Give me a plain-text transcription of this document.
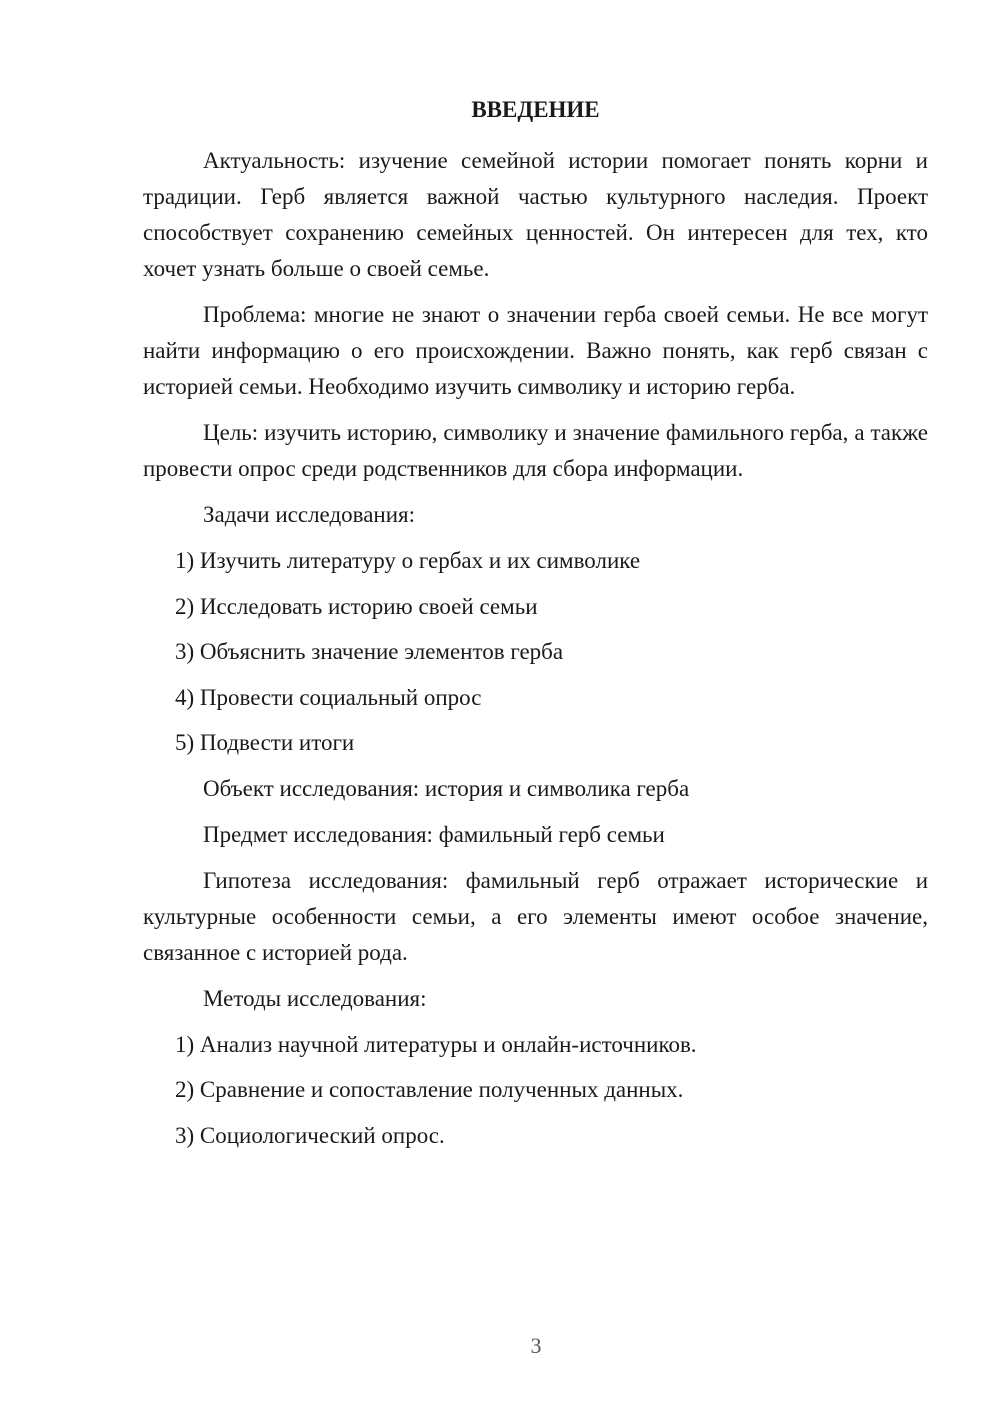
ВВЕДЕНИЕ

Актуальность: изучение семейной истории помогает понять корни и традиции. Герб является важной частью культурного наследия. Проект способствует сохранению семейных ценностей. Он интересен для тех, кто хочет узнать больше о своей семье.

Проблема: многие не знают о значении герба своей семьи. Не все могут найти информацию о его происхождении. Важно понять, как герб связан с историей семьи. Необходимо изучить символику и историю герба.

Цель: изучить историю, символику и значение фамильного герба, а также провести опрос среди родственников для сбора информации.

Задачи исследования:

1) Изучить литературу о гербах и их символике
2) Исследовать историю своей семьи
3) Объяснить значение элементов герба
4) Провести социальный опрос
5) Подвести итоги

Объект исследования: история и символика герба

Предмет исследования: фамильный герб семьи

Гипотеза исследования: фамильный герб отражает исторические и культурные особенности семьи, а его элементы имеют особое значение, связанное с историей рода.

Методы исследования:

1) Анализ научной литературы и онлайн-источников.
2) Сравнение и сопоставление полученных данных.
3) Социологический опрос.
3
